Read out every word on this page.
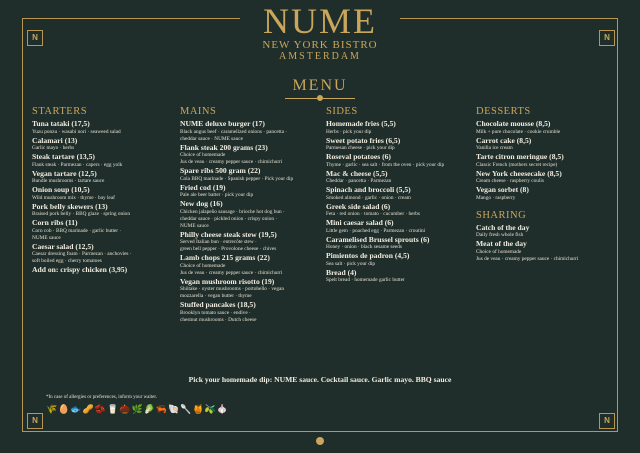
N	N
N	N
NUME
NEW YORK BISTRO
AMSTERDAM
MENU
STARTERS
Tuna tataki (17,5)
Yuzu ponzu · wasabi nori · seaweed salad
Calamari (13)
Garlic mayo · herbs
Steak tartare (13,5)
Flank steak · Parmezan · capers · egg yolk
Vegan tartare (12,5)
Bundle mushrooms · tartare sauce
Onion soup (10,5)
Wild mushroom mix · thyme · bay leaf
Pork belly skewers (13)
Braised pork belly · BBQ glaze · spring onion
Corn ribs (11)
Corn cob · BBQ marinade · garlic butter ·
NUME sauce
Caesar salad (12,5)
Caesar dressing foam · Parmezan · anchovies ·
soft boiled egg · cherry tomatoes
Add on: crispy chicken (3,95)
MAINS
NUME deluxe burger (17)
Black angus beef · caramelized onions · pancetta ·
cheddar sauce · NUME sauce
Flank steak 200 grams (23)
Choice of homemade
Jus de veau · creamy pepper sauce · chimichurri
Spare ribs 500 gram (22)
Cola BBQ marinade · Spanish pepper · Pick your dip
Fried cod (19)
Pale ale beer batter · pick your dip
New dog (16)
Chicken jalapeño sausage · brioche hot dog bun ·
cheddar sauce · pickled onion · crispy onion ·
NUME sauce
Philly cheese steak stew (19,5)
Served Italian bun · entrecôte stew ·
green bell pepper · Provolone cheese · chives
Lamb chops 215 grams (22)
Choice of homemade
Jus de veau · creamy pepper sauce · chimichurri
Vegan mushroom risotto (19)
Shiitake · oyster mushrooms · portobello · vegan
mozzarella · vegan butter · thyme
Stuffed pancakes (18,5)
Brooklyn tomato sauce · endive ·
chestnut mushrooms · Dutch cheese
SIDES
Homemade fries (5,5)
Herbs · pick your dip
Sweet potato fries (6,5)
Parmesan cheese · pick your dip
Roseval potatoes (6)
Thyme · garlic · sea salt · from the oven · pick your dip
Mac & cheese (5,5)
Cheddar · pancetta · Parmezan
Spinach and broccoli (5,5)
Smoked almond · garlic · onion · cream
Greek side salad (6)
Feta · red onion · tomato · cucumber · herbs
Mini caesar salad (6)
Little gem · poached egg · Parmezan · croutini
Caramelised Brussel sprouts (6)
Honey · onion · black sesame seeds
Pimientos de padron (4,5)
Sea salt · pick your dip
Bread (4)
Spelt bread · homemade garlic butter
DESSERTS
Chocolate mousse (8,5)
Milk + pure chocolate · cookie crumble
Carrot cake (8,5)
Vanilla ice cream
Tarte citron meringue (8,5)
Classic French (mothers secret recipe)
New York cheesecake (8,5)
Cream cheese · raspberry coulis
Vegan sorbet (8)
Mango · raspberry
SHARING
Catch of the day
Daily fresh whole fish
Meat of the day
Choice of homemade
Jus de veau · creamy pepper sauce · chimichurri
Pick your homemade dip: NUME sauce. Cocktail sauce. Garlic mayo. BBQ sauce
*In case of allergies or preferences, inform your waiter.
🌾🥚🐟🥜🫘🥛🌰🌿🥬🦐🐚🥄🍯🫒🧄
